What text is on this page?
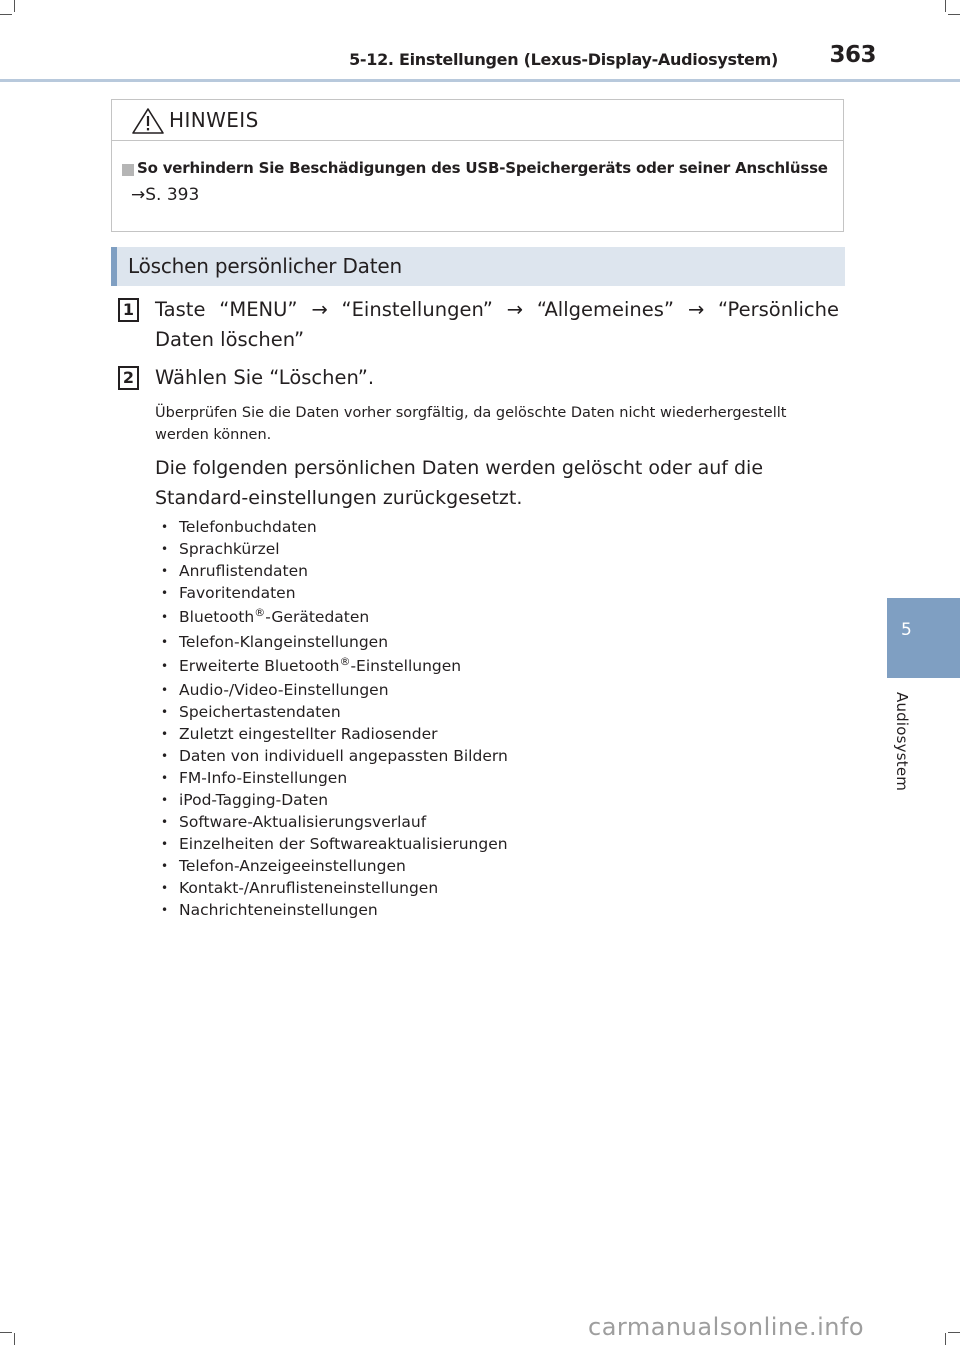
5-12. Einstellungen (Lexus-Display-Audiosystem) 363
5
Audiosystem
HINWEIS
So verhindern Sie Beschädigungen des USB-Speichergeräts oder seiner Anschlüsse
→S. 393
Löschen persönlicher Daten
1 Taste “MENU” → “Einstellungen” → “Allgemeines” → “Persönliche Daten löschen”
2 Wählen Sie “Löschen”.
Überprüfen Sie die Daten vorher sorgfältig, da gelöschte Daten nicht wiederhergestellt werden können.
Die folgenden persönlichen Daten werden gelöscht oder auf die Standard-einstellungen zurückgesetzt.
• Telefonbuchdaten
• Sprachkürzel
• Anruflistendaten
• Favoritendaten
• Bluetooth®-Gerätedaten
• Telefon-Klangeinstellungen
• Erweiterte Bluetooth®-Einstellungen
• Audio-/Video-Einstellungen
• Speichertastendaten
• Zuletzt eingestellter Radiosender
• Daten von individuell angepassten Bildern
• FM-Info-Einstellungen
• iPod-Tagging-Daten
• Software-Aktualisierungsverlauf
• Einzelheiten der Softwareaktualisierungen
• Telefon-Anzeigeeinstellungen
• Kontakt-/Anruflisteneinstellungen
• Nachrichteneinstellungen
carmanualsonline.info
